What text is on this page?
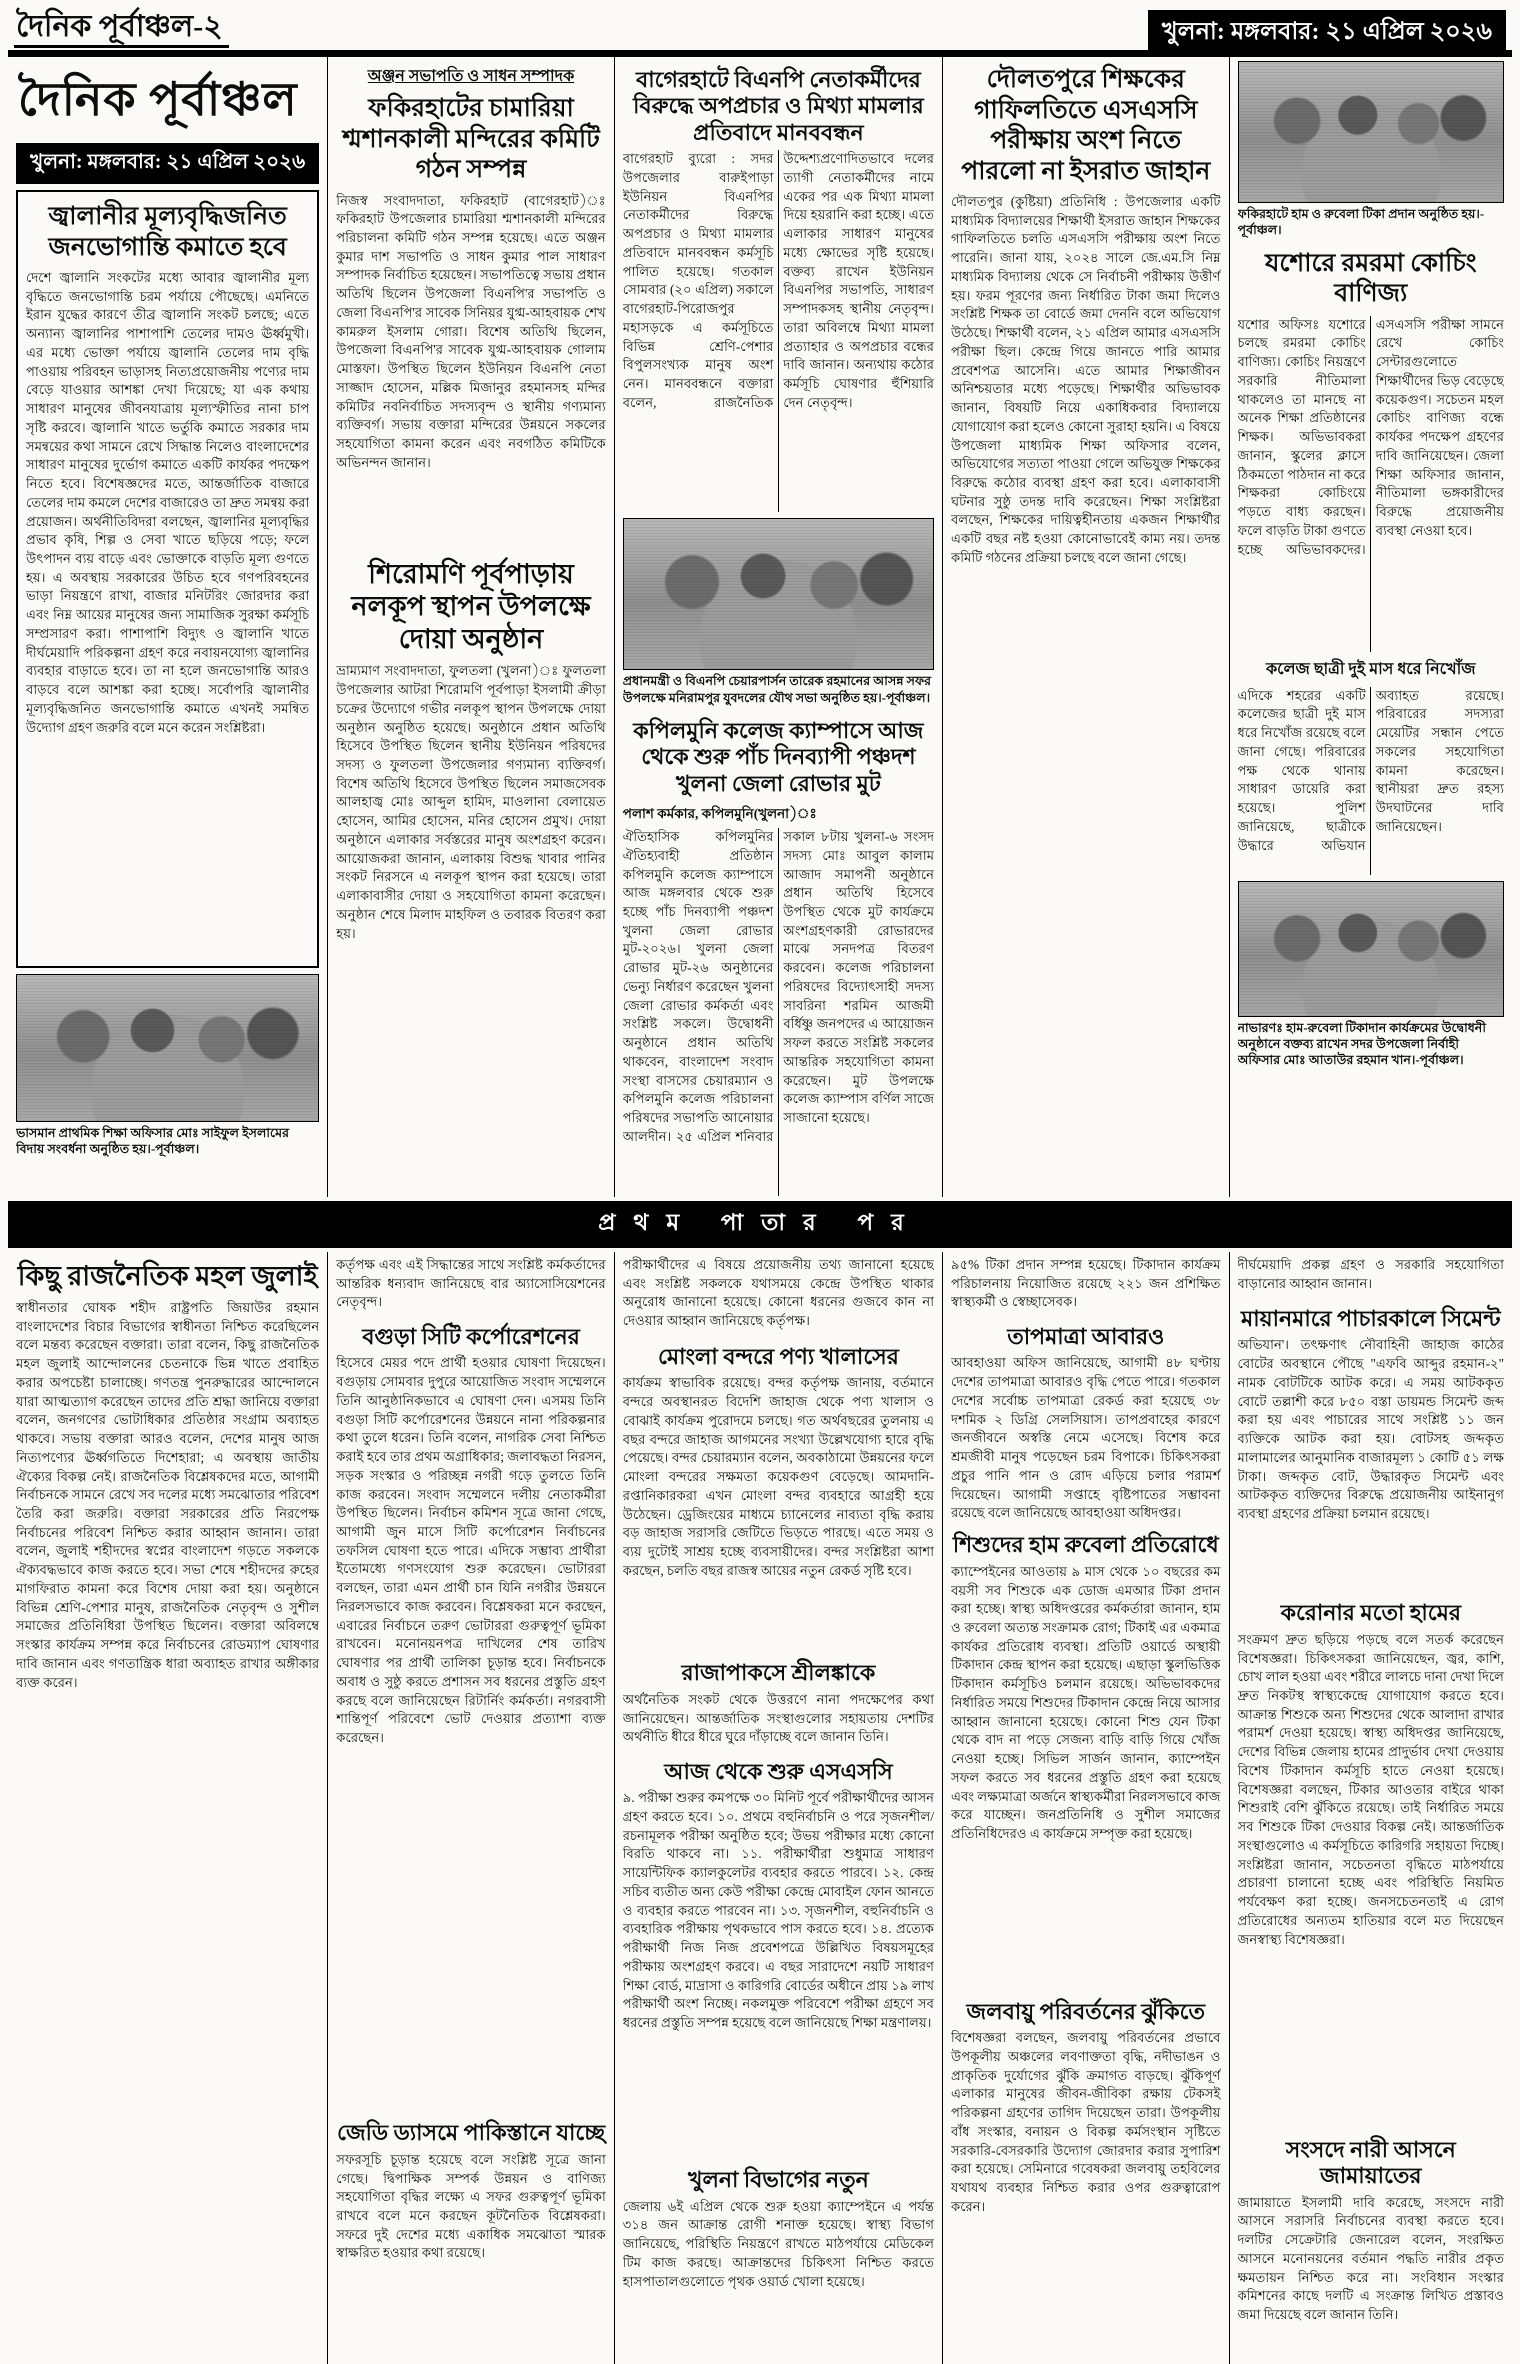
দৈনিক পূর্বাঞ্চল-২	খুলনা: মঙ্গলবার: ২১ এপ্রিল ২০২৬
দৈনিক পূর্বাঞ্চল
খুলনা: মঙ্গলবার: ২১ এপ্রিল ২০২৬
জ্বালানীর মূল্যবৃদ্ধিজনিত জনভোগান্তি কমাতে হবে
দেশে জ্বালানি সংকটের মধ্যে আবার জ্বালানীর মূল্য বৃদ্ধিতে জনভোগান্তি চরম পর্যায়ে পৌছেছে। এমনিতে ইরান যুদ্ধের কারণে তীব্র জ্বালানি সংকট চলছে; এতে অন্যান্য জ্বালানির পাশাপাশি তেলের দামও ঊর্ধ্বমুখী। এর মধ্যে ভোক্তা পর্যায়ে জ্বালানি তেলের দাম বৃদ্ধি পাওয়ায় পরিবহন ভাড়াসহ নিত্যপ্রয়োজনীয় পণ্যের দাম বেড়ে যাওয়ার আশঙ্কা দেখা দিয়েছে; যা এক কথায় সাধারণ মানুষের জীবনযাত্রায় মূল্যস্ফীতির নানা চাপ সৃষ্টি করবে। জ্বালানি খাতে ভর্তুকি কমাতে সরকার দাম সমন্বয়ের কথা সামনে রেখে সিদ্ধান্ত নিলেও বাংলাদেশের সাধারণ মানুষের দুর্ভোগ কমাতে একটি কার্যকর পদক্ষেপ নিতে হবে। বিশেষজ্ঞদের মতে, আন্তর্জাতিক বাজারে তেলের দাম কমলে দেশের বাজারেও তা দ্রুত সমন্বয় করা প্রয়োজন। অর্থনীতিবিদরা বলছেন, জ্বালানির মূল্যবৃদ্ধির প্রভাব কৃষি, শিল্প ও সেবা খাতে ছড়িয়ে পড়ে; ফলে উৎপাদন ব্যয় বাড়ে এবং ভোক্তাকে বাড়তি মূল্য গুণতে হয়। এ অবস্থায় সরকারের উচিত হবে গণপরিবহনের ভাড়া নিয়ন্ত্রণে রাখা, বাজার মনিটরিং জোরদার করা এবং নিম্ন আয়ের মানুষের জন্য সামাজিক সুরক্ষা কর্মসূচি সম্প্রসারণ করা। পাশাপাশি বিদ্যুৎ ও জ্বালানি খাতে দীর্ঘমেয়াদি পরিকল্পনা গ্রহণ করে নবায়নযোগ্য জ্বালানির ব্যবহার বাড়াতে হবে। তা না হলে জনভোগান্তি আরও বাড়বে বলে আশঙ্কা করা হচ্ছে। সর্বোপরি জ্বালানীর মূল্যবৃদ্ধিজনিত জনভোগান্তি কমাতে এখনই সমন্বিত উদ্যোগ গ্রহণ জরুরি বলে মনে করেন সংশ্লিষ্টরা।
ভাসমান প্রাথমিক শিক্ষা অফিসার মোঃ সাইফুল ইসলামের বিদায় সংবর্ধনা অনুষ্ঠিত হয়।-পূর্বাঞ্চল।
অঞ্জন সভাপতি ও সাধন সম্পাদক
ফকিরহাটের চামারিয়া শ্মশানকালী মন্দিরের কমিটি গঠন সম্পন্ন
নিজস্ব সংবাদদাতা, ফকিরহাট (বাগেরহাট)ঃ ফকিরহাট উপজেলার চামারিয়া শ্মশানকালী মন্দিরের পরিচালনা কমিটি গঠন সম্পন্ন হয়েছে। এতে অঞ্জন কুমার দাশ সভাপতি ও সাধন কুমার পাল সাধারণ সম্পাদক নির্বাচিত হয়েছেন। সভাপতিত্বে সভায় প্রধান অতিথি ছিলেন উপজেলা বিএনপি'র সভাপতি ও জেলা বিএনপি'র সাবেক সিনিয়র যুগ্ম-আহবায়ক শেখ কামরুল ইসলাম গোরা। বিশেষ অতিথি ছিলেন, উপজেলা বিএনপি'র সাবেক যুগ্ম-আহবায়ক গোলাম মোস্তফা। উপস্থিত ছিলেন ইউনিয়ন বিএনপি নেতা সাজ্জাদ হোসেন, মল্লিক মিজানুর রহমানসহ মন্দির কমিটির নবনির্বাচিত সদস্যবৃন্দ ও স্থানীয় গণ্যমান্য ব্যক্তিবর্গ। সভায় বক্তারা মন্দিরের উন্নয়নে সকলের সহযোগিতা কামনা করেন এবং নবগঠিত কমিটিকে অভিনন্দন জানান।
শিরোমণি পূর্বপাড়ায় নলকূপ স্থাপন উপলক্ষে দোয়া অনুষ্ঠান
ভ্রাম্যমাণ সংবাদদাতা, ফুলতলা (খুলনা)ঃ ফুলতলা উপজেলার আটরা শিরোমণি পূর্বপাড়া ইসলামী ক্রীড়া চক্রের উদ্যোগে গভীর নলকূপ স্থাপন উপলক্ষে দোয়া অনুষ্ঠান অনুষ্ঠিত হয়েছে। অনুষ্ঠানে প্রধান অতিথি হিসেবে উপস্থিত ছিলেন স্থানীয় ইউনিয়ন পরিষদের সদস্য ও ফুলতলা উপজেলার গণ্যমান্য ব্যক্তিবর্গ। বিশেষ অতিথি হিসেবে উপস্থিত ছিলেন সমাজসেবক আলহাজ্ব মোঃ আব্দুল হামিদ, মাওলানা বেলায়েত হোসেন, আমির হোসেন, মনির হোসেন প্রমুখ। দোয়া অনুষ্ঠানে এলাকার সর্বস্তরের মানুষ অংশগ্রহণ করেন। আয়োজকরা জানান, এলাকায় বিশুদ্ধ খাবার পানির সংকট নিরসনে এ নলকূপ স্থাপন করা হয়েছে। তারা এলাকাবাসীর দোয়া ও সহযোগিতা কামনা করেছেন। অনুষ্ঠান শেষে মিলাদ মাহফিল ও তবারক বিতরণ করা হয়।
বাগেরহাটে বিএনপি নেতাকর্মীদের বিরুদ্ধে অপপ্রচার ও মিথ্যা মামলার প্রতিবাদে মানববন্ধন
বাগেরহাট ব্যুরো : সদর উপজেলার বারুইপাড়া ইউনিয়ন বিএনপির নেতাকর্মীদের বিরুদ্ধে অপপ্রচার ও মিথ্যা মামলার প্রতিবাদে মানববন্ধন কর্মসূচি পালিত হয়েছে। গতকাল সোমবার (২০ এপ্রিল) সকালে বাগেরহাট-পিরোজপুর মহাসড়কে এ কর্মসূচিতে বিভিন্ন শ্রেণি-পেশার বিপুলসংখ্যক মানুষ অংশ নেন। মানববন্ধনে বক্তারা বলেন, রাজনৈতিক উদ্দেশ্যপ্রণোদিতভাবে দলের ত্যাগী নেতাকর্মীদের নামে একের পর এক মিথ্যা মামলা দিয়ে হয়রানি করা হচ্ছে। এতে এলাকার সাধারণ মানুষের মধ্যে ক্ষোভের সৃষ্টি হয়েছে। বক্তব্য রাখেন ইউনিয়ন বিএনপির সভাপতি, সাধারণ সম্পাদকসহ স্থানীয় নেতৃবৃন্দ। তারা অবিলম্বে মিথ্যা মামলা প্রত্যাহার ও অপপ্রচার বন্ধের দাবি জানান। অন্যথায় কঠোর কর্মসূচি ঘোষণার হুঁশিয়ারি দেন নেতৃবৃন্দ।
প্রধানমন্ত্রী ও বিএনপি চেয়ারপার্সন তারেক রহমানের আসন্ন সফর উপলক্ষে মনিরামপুর যুবদলের যৌথ সভা অনুষ্ঠিত হয়।-পূর্বাঞ্চল।
কপিলমুনি কলেজ ক্যাম্পাসে আজ থেকে শুরু পাঁচ দিনব্যাপী পঞ্চদশ খুলনা জেলা রোভার মুট
পলাশ কর্মকার, কপিলমুনি(খুলনা)ঃ
ঐতিহাসিক কপিলমুনির ঐতিহ্যবাহী প্রতিষ্ঠান কপিলমুনি কলেজ ক্যাম্পাসে আজ মঙ্গলবার থেকে শুরু হচ্ছে পাঁচ দিনব্যাপী পঞ্চদশ খুলনা জেলা রোভার মুট-২০২৬। খুলনা জেলা রোভার মুট-২৬ অনুষ্ঠানের ভেন্যু নির্ধারণ করেছেন খুলনা জেলা রোভার কর্মকর্তা এবং সংশ্লিষ্ট সকলে। উদ্বোধনী অনুষ্ঠানে প্রধান অতিথি থাকবেন, বাংলাদেশ সংবাদ সংস্থা বাসসের চেয়ারম্যান ও কপিলমুনি কলেজ পরিচালনা পরিষদের সভাপতি আনোয়ার আলদীন। ২৫ এপ্রিল শনিবার সকাল ৮টায় খুলনা-৬ সংসদ সদস্য মোঃ আবুল কালাম আজাদ সমাপনী অনুষ্ঠানে প্রধান অতিথি হিসেবে উপস্থিত থেকে মুট কার্যক্রমে অংশগ্রহণকারী রোভারদের মাঝে সনদপত্র বিতরণ করবেন। কলেজ পরিচালনা পরিষদের বিদ্যোৎসাহী সদস্য সাবরিনা শরমিন আজমী বর্ধিষ্ণু জনপদের এ আয়োজন সফল করতে সংশ্লিষ্ট সকলের আন্তরিক সহযোগিতা কামনা করেছেন। মুট উপলক্ষে কলেজ ক্যাম্পাস বর্ণিল সাজে সাজানো হয়েছে।
দৌলতপুরে শিক্ষকের গাফিলতিতে এসএসসি পরীক্ষায় অংশ নিতে পারলো না ইসরাত জাহান
দৌলতপুর (কুষ্টিয়া) প্রতিনিধি : উপজেলার একটি মাধ্যমিক বিদ্যালয়ের শিক্ষার্থী ইসরাত জাহান শিক্ষকের গাফিলতিতে চলতি এসএসসি পরীক্ষায় অংশ নিতে পারেনি। জানা যায়, ২০২৪ সালে জে.এম.সি নিম্ন মাধ্যমিক বিদ্যালয় থেকে সে নির্বাচনী পরীক্ষায় উত্তীর্ণ হয়। ফরম পূরণের জন্য নির্ধারিত টাকা জমা দিলেও সংশ্লিষ্ট শিক্ষক তা বোর্ডে জমা দেননি বলে অভিযোগ উঠেছে। শিক্ষার্থী বলেন, ২১ এপ্রিল আমার এসএসসি পরীক্ষা ছিল। কেন্দ্রে গিয়ে জানতে পারি আমার প্রবেশপত্র আসেনি। এতে আমার শিক্ষাজীবন অনিশ্চয়তার মধ্যে পড়েছে। শিক্ষার্থীর অভিভাবক জানান, বিষয়টি নিয়ে একাধিকবার বিদ্যালয়ে যোগাযোগ করা হলেও কোনো সুরাহা হয়নি। এ বিষয়ে উপজেলা মাধ্যমিক শিক্ষা অফিসার বলেন, অভিযোগের সত্যতা পাওয়া গেলে অভিযুক্ত শিক্ষকের বিরুদ্ধে কঠোর ব্যবস্থা গ্রহণ করা হবে। এলাকাবাসী ঘটনার সুষ্ঠু তদন্ত দাবি করেছেন। শিক্ষা সংশ্লিষ্টরা বলছেন, শিক্ষকের দায়িত্বহীনতায় একজন শিক্ষার্থীর একটি বছর নষ্ট হওয়া কোনোভাবেই কাম্য নয়। তদন্ত কমিটি গঠনের প্রক্রিয়া চলছে বলে জানা গেছে।
ফকিরহাটে হাম ও রুবেলা টিকা প্রদান অনুষ্ঠিত হয়।-পূর্বাঞ্চল।
যশোরে রমরমা কোচিং বাণিজ্য
যশোর অফিসঃ যশোরে চলছে রমরমা কোচিং বাণিজ্য। কোচিং নিয়ন্ত্রণে সরকারি নীতিমালা থাকলেও তা মানছে না অনেক শিক্ষা প্রতিষ্ঠানের শিক্ষক। অভিভাবকরা জানান, স্কুলের ক্লাসে ঠিকমতো পাঠদান না করে শিক্ষকরা কোচিংয়ে পড়তে বাধ্য করছেন। ফলে বাড়তি টাকা গুণতে হচ্ছে অভিভাবকদের। এসএসসি পরীক্ষা সামনে রেখে কোচিং সেন্টারগুলোতে শিক্ষার্থীদের ভিড় বেড়েছে কয়েকগুণ। সচেতন মহল কোচিং বাণিজ্য বন্ধে কার্যকর পদক্ষেপ গ্রহণের দাবি জানিয়েছেন। জেলা শিক্ষা অফিসার জানান, নীতিমালা ভঙ্গকারীদের বিরুদ্ধে প্রয়োজনীয় ব্যবস্থা নেওয়া হবে।
কলেজ ছাত্রী দুই মাস ধরে নিখোঁজ
এদিকে শহরের একটি কলেজের ছাত্রী দুই মাস ধরে নিখোঁজ রয়েছে বলে জানা গেছে। পরিবারের পক্ষ থেকে থানায় সাধারণ ডায়েরি করা হয়েছে। পুলিশ জানিয়েছে, ছাত্রীকে উদ্ধারে অভিযান অব্যাহত রয়েছে। পরিবারের সদস্যরা মেয়েটির সন্ধান পেতে সকলের সহযোগিতা কামনা করেছেন। স্থানীয়রা দ্রুত রহস্য উদঘাটনের দাবি জানিয়েছেন।
নাভারণঃ হাম-রুবেলা টিকাদান কার্যক্রমের উদ্বোধনী অনুষ্ঠানে বক্তব্য রাখেন সদর উপজেলা নির্বাহী অফিসার মোঃ আতাউর রহমান খান।-পূর্বাঞ্চল।
প্রথম পাতার পর
কিছু রাজনৈতিক মহল জুলাই
স্বাধীনতার ঘোষক শহীদ রাষ্ট্রপতি জিয়াউর রহমান বাংলাদেশের বিচার বিভাগের স্বাধীনতা নিশ্চিত করেছিলেন বলে মন্তব্য করেছেন বক্তারা। তারা বলেন, কিছু রাজনৈতিক মহল জুলাই আন্দোলনের চেতনাকে ভিন্ন খাতে প্রবাহিত করার অপচেষ্টা চালাচ্ছে। গণতন্ত্র পুনরুদ্ধারের আন্দোলনে যারা আত্মত্যাগ করেছেন তাদের প্রতি শ্রদ্ধা জানিয়ে বক্তারা বলেন, জনগণের ভোটাধিকার প্রতিষ্ঠার সংগ্রাম অব্যাহত থাকবে। সভায় বক্তারা আরও বলেন, দেশের মানুষ আজ নিত্যপণ্যের ঊর্ধ্বগতিতে দিশেহারা; এ অবস্থায় জাতীয় ঐক্যের বিকল্প নেই। রাজনৈতিক বিশ্লেষকদের মতে, আগামী নির্বাচনকে সামনে রেখে সব দলের মধ্যে সমঝোতার পরিবেশ তৈরি করা জরুরি। বক্তারা সরকারের প্রতি নিরপেক্ষ নির্বাচনের পরিবেশ নিশ্চিত করার আহ্বান জানান। তারা বলেন, জুলাই শহীদদের স্বপ্নের বাংলাদেশ গড়তে সকলকে ঐক্যবদ্ধভাবে কাজ করতে হবে। সভা শেষে শহীদদের রুহের মাগফিরাত কামনা করে বিশেষ দোয়া করা হয়। অনুষ্ঠানে বিভিন্ন শ্রেণি-পেশার মানুষ, রাজনৈতিক নেতৃবৃন্দ ও সুশীল সমাজের প্রতিনিধিরা উপস্থিত ছিলেন। বক্তারা অবিলম্বে সংস্কার কার্যক্রম সম্পন্ন করে নির্বাচনের রোডম্যাপ ঘোষণার দাবি জানান এবং গণতান্ত্রিক ধারা অব্যাহত রাখার অঙ্গীকার ব্যক্ত করেন।
কর্তৃপক্ষ এবং এই সিদ্ধান্তের সাথে সংশ্লিষ্ট কর্মকর্তাদের আন্তরিক ধন্যবাদ জানিয়েছে বার অ্যাসোসিয়েশনের নেতৃবৃন্দ।
বগুড়া সিটি কর্পোরেশনের
হিসেবে মেয়র পদে প্রার্থী হওয়ার ঘোষণা দিয়েছেন। বগুড়ায় সোমবার দুপুরে আয়োজিত সংবাদ সম্মেলনে তিনি আনুষ্ঠানিকভাবে এ ঘোষণা দেন। এসময় তিনি বগুড়া সিটি কর্পোরেশনের উন্নয়নে নানা পরিকল্পনার কথা তুলে ধরেন। তিনি বলেন, নাগরিক সেবা নিশ্চিত করাই হবে তার প্রথম অগ্রাধিকার; জলাবদ্ধতা নিরসন, সড়ক সংস্কার ও পরিচ্ছন্ন নগরী গড়ে তুলতে তিনি কাজ করবেন। সংবাদ সম্মেলনে দলীয় নেতাকর্মীরা উপস্থিত ছিলেন। নির্বাচন কমিশন সূত্রে জানা গেছে, আগামী জুন মাসে সিটি কর্পোরেশন নির্বাচনের তফসিল ঘোষণা হতে পারে। এদিকে সম্ভাব্য প্রার্থীরা ইতোমধ্যে গণসংযোগ শুরু করেছেন। ভোটাররা বলছেন, তারা এমন প্রার্থী চান যিনি নগরীর উন্নয়নে নিরলসভাবে কাজ করবেন। বিশ্লেষকরা মনে করছেন, এবারের নির্বাচনে তরুণ ভোটাররা গুরুত্বপূর্ণ ভূমিকা রাখবেন। মনোনয়নপত্র দাখিলের শেষ তারিখ ঘোষণার পর প্রার্থী তালিকা চূড়ান্ত হবে। নির্বাচনকে অবাধ ও সুষ্ঠু করতে প্রশাসন সব ধরনের প্রস্তুতি গ্রহণ করছে বলে জানিয়েছেন রিটার্নিং কর্মকর্তা। নগরবাসী শান্তিপূর্ণ পরিবেশে ভোট দেওয়ার প্রত্যাশা ব্যক্ত করেছেন।
জেডি ড্যাসমে পাকিস্তানে যাচ্ছে
সফরসূচি চূড়ান্ত হয়েছে বলে সংশ্লিষ্ট সূত্রে জানা গেছে। দ্বিপাক্ষিক সম্পর্ক উন্নয়ন ও বাণিজ্য সহযোগিতা বৃদ্ধির লক্ষ্যে এ সফর গুরুত্বপূর্ণ ভূমিকা রাখবে বলে মনে করছেন কূটনৈতিক বিশ্লেষকরা। সফরে দুই দেশের মধ্যে একাধিক সমঝোতা স্মারক স্বাক্ষরিত হওয়ার কথা রয়েছে।
পরীক্ষার্থীদের এ বিষয়ে প্রয়োজনীয় তথ্য জানানো হয়েছে এবং সংশ্লিষ্ট সকলকে যথাসময়ে কেন্দ্রে উপস্থিত থাকার অনুরোধ জানানো হয়েছে। কোনো ধরনের গুজবে কান না দেওয়ার আহ্বান জানিয়েছে কর্তৃপক্ষ।
মোংলা বন্দরে পণ্য খালাসের
কার্যক্রম স্বাভাবিক রয়েছে। বন্দর কর্তৃপক্ষ জানায়, বর্তমানে বন্দরে অবস্থানরত বিদেশি জাহাজ থেকে পণ্য খালাস ও বোঝাই কার্যক্রম পুরোদমে চলছে। গত অর্থবছরের তুলনায় এ বছর বন্দরে জাহাজ আগমনের সংখ্যা উল্লেখযোগ্য হারে বৃদ্ধি পেয়েছে। বন্দর চেয়ারম্যান বলেন, অবকাঠামো উন্নয়নের ফলে মোংলা বন্দরের সক্ষমতা কয়েকগুণ বেড়েছে। আমদানি-রপ্তানিকারকরা এখন মোংলা বন্দর ব্যবহারে আগ্রহী হয়ে উঠেছেন। ড্রেজিংয়ের মাধ্যমে চ্যানেলের নাব্যতা বৃদ্ধি করায় বড় জাহাজ সরাসরি জেটিতে ভিড়তে পারছে। এতে সময় ও ব্যয় দুটোই সাশ্রয় হচ্ছে ব্যবসায়ীদের। বন্দর সংশ্লিষ্টরা আশা করছেন, চলতি বছর রাজস্ব আয়ের নতুন রেকর্ড সৃষ্টি হবে।
রাজাপাকসে শ্রীলঙ্কাকে
অর্থনৈতিক সংকট থেকে উত্তরণে নানা পদক্ষেপের কথা জানিয়েছেন। আন্তর্জাতিক সংস্থাগুলোর সহায়তায় দেশটির অর্থনীতি ধীরে ধীরে ঘুরে দাঁড়াচ্ছে বলে জানান তিনি।
আজ থেকে শুরু এসএসসি
৯. পরীক্ষা শুরুর কমপক্ষে ৩০ মিনিট পূর্বে পরীক্ষার্থীদের আসন গ্রহণ করতে হবে। ১০. প্রথমে বহুনির্বাচনি ও পরে সৃজনশীল/রচনামূলক পরীক্ষা অনুষ্ঠিত হবে; উভয় পরীক্ষার মধ্যে কোনো বিরতি থাকবে না। ১১. পরীক্ষার্থীরা শুধুমাত্র সাধারণ সায়েন্টিফিক ক্যালকুলেটর ব্যবহার করতে পারবে। ১২. কেন্দ্র সচিব ব্যতীত অন্য কেউ পরীক্ষা কেন্দ্রে মোবাইল ফোন আনতে ও ব্যবহার করতে পারবেন না। ১৩. সৃজনশীল, বহুনির্বাচনি ও ব্যবহারিক পরীক্ষায় পৃথকভাবে পাস করতে হবে। ১৪. প্রত্যেক পরীক্ষার্থী নিজ নিজ প্রবেশপত্রে উল্লিখিত বিষয়সমূহের পরীক্ষায় অংশগ্রহণ করবে। এ বছর সারাদেশে নয়টি সাধারণ শিক্ষা বোর্ড, মাদ্রাসা ও কারিগরি বোর্ডের অধীনে প্রায় ১৯ লাখ পরীক্ষার্থী অংশ নিচ্ছে। নকলমুক্ত পরিবেশে পরীক্ষা গ্রহণে সব ধরনের প্রস্তুতি সম্পন্ন হয়েছে বলে জানিয়েছে শিক্ষা মন্ত্রণালয়।
খুলনা বিভাগের নতুন
জেলায় ৬ই এপ্রিল থেকে শুরু হওয়া ক্যাম্পেইনে এ পর্যন্ত ৩১৪ জন আক্রান্ত রোগী শনাক্ত হয়েছে। স্বাস্থ্য বিভাগ জানিয়েছে, পরিস্থিতি নিয়ন্ত্রণে রাখতে মাঠপর্যায়ে মেডিকেল টিম কাজ করছে। আক্রান্তদের চিকিৎসা নিশ্চিত করতে হাসপাতালগুলোতে পৃথক ওয়ার্ড খোলা হয়েছে।
৯৫% টিকা প্রদান সম্পন্ন হয়েছে। টিকাদান কার্যক্রম পরিচালনায় নিয়োজিত রয়েছে ২২১ জন প্রশিক্ষিত স্বাস্থ্যকর্মী ও স্বেচ্ছাসেবক।
তাপমাত্রা আবারও
আবহাওয়া অফিস জানিয়েছে, আগামী ৪৮ ঘণ্টায় দেশের তাপমাত্রা আবারও বৃদ্ধি পেতে পারে। গতকাল দেশের সর্বোচ্চ তাপমাত্রা রেকর্ড করা হয়েছে ৩৮ দশমিক ২ ডিগ্রি সেলসিয়াস। তাপপ্রবাহের কারণে জনজীবনে অস্বস্তি নেমে এসেছে। বিশেষ করে শ্রমজীবী মানুষ পড়েছেন চরম বিপাকে। চিকিৎসকরা প্রচুর পানি পান ও রোদ এড়িয়ে চলার পরামর্শ দিয়েছেন। আগামী সপ্তাহে বৃষ্টিপাতের সম্ভাবনা রয়েছে বলে জানিয়েছে আবহাওয়া অধিদপ্তর।
শিশুদের হাম রুবেলা প্রতিরোধে
ক্যাম্পেইনের আওতায় ৯ মাস থেকে ১০ বছরের কম বয়সী সব শিশুকে এক ডোজ এমআর টিকা প্রদান করা হচ্ছে। স্বাস্থ্য অধিদপ্তরের কর্মকর্তারা জানান, হাম ও রুবেলা অত্যন্ত সংক্রামক রোগ; টিকাই এর একমাত্র কার্যকর প্রতিরোধ ব্যবস্থা। প্রতিটি ওয়ার্ডে অস্থায়ী টিকাদান কেন্দ্র স্থাপন করা হয়েছে। এছাড়া স্কুলভিত্তিক টিকাদান কর্মসূচিও চলমান রয়েছে। অভিভাবকদের নির্ধারিত সময়ে শিশুদের টিকাদান কেন্দ্রে নিয়ে আসার আহ্বান জানানো হয়েছে। কোনো শিশু যেন টিকা থেকে বাদ না পড়ে সেজন্য বাড়ি বাড়ি গিয়ে খোঁজ নেওয়া হচ্ছে। সিভিল সার্জন জানান, ক্যাম্পেইন সফল করতে সব ধরনের প্রস্তুতি গ্রহণ করা হয়েছে এবং লক্ষ্যমাত্রা অর্জনে স্বাস্থ্যকর্মীরা নিরলসভাবে কাজ করে যাচ্ছেন। জনপ্রতিনিধি ও সুশীল সমাজের প্রতিনিধিদেরও এ কার্যক্রমে সম্পৃক্ত করা হয়েছে।
জলবায়ু পরিবর্তনের ঝুঁকিতে
বিশেষজ্ঞরা বলছেন, জলবায়ু পরিবর্তনের প্রভাবে উপকূলীয় অঞ্চলের লবণাক্ততা বৃদ্ধি, নদীভাঙন ও প্রাকৃতিক দুর্যোগের ঝুঁকি ক্রমাগত বাড়ছে। ঝুঁকিপূর্ণ এলাকার মানুষের জীবন-জীবিকা রক্ষায় টেকসই পরিকল্পনা গ্রহণের তাগিদ দিয়েছেন তারা। উপকূলীয় বাঁধ সংস্কার, বনায়ন ও বিকল্প কর্মসংস্থান সৃষ্টিতে সরকারি-বেসরকারি উদ্যোগ জোরদার করার সুপারিশ করা হয়েছে। সেমিনারে গবেষকরা জলবায়ু তহবিলের যথাযথ ব্যবহার নিশ্চিত করার ওপর গুরুত্বারোপ করেন।
দীর্ঘমেয়াদি প্রকল্প গ্রহণ ও সরকারি সহযোগিতা বাড়ানোর আহ্বান জানান।
মায়ানমারে পাচারকালে সিমেন্ট
অভিযান'। তৎক্ষণাৎ নৌবাহিনী জাহাজ কাঠের বোটের অবস্থানে পৌছে "এফবি আব্দুর রহমান-২" নামক বোটটিকে আটক করে। এ সময় আটককৃত বোটে তল্লাশী করে ৮৫০ বস্তা ডায়মন্ড সিমেন্ট জব্দ করা হয় এবং পাচারের সাথে সংশ্লিষ্ট ১১ জন ব্যক্তিকে আটক করা হয়। বোটসহ জব্দকৃত মালামালের আনুমানিক বাজারমূল্য ১ কোটি ৫১ লক্ষ টাকা। জব্দকৃত বোট, উদ্ধারকৃত সিমেন্ট এবং আটককৃত ব্যক্তিদের বিরুদ্ধে প্রয়োজনীয় আইনানুগ ব্যবস্থা গ্রহণের প্রক্রিয়া চলমান রয়েছে।
করোনার মতো হামের
সংক্রমণ দ্রুত ছড়িয়ে পড়ছে বলে সতর্ক করেছেন বিশেষজ্ঞরা। চিকিৎসকরা জানিয়েছেন, জ্বর, কাশি, চোখ লাল হওয়া এবং শরীরে লালচে দানা দেখা দিলে দ্রুত নিকটস্থ স্বাস্থ্যকেন্দ্রে যোগাযোগ করতে হবে। আক্রান্ত শিশুকে অন্য শিশুদের থেকে আলাদা রাখার পরামর্শ দেওয়া হয়েছে। স্বাস্থ্য অধিদপ্তর জানিয়েছে, দেশের বিভিন্ন জেলায় হামের প্রাদুর্ভাব দেখা দেওয়ায় বিশেষ টিকাদান কর্মসূচি হাতে নেওয়া হয়েছে। বিশেষজ্ঞরা বলছেন, টিকার আওতার বাইরে থাকা শিশুরাই বেশি ঝুঁকিতে রয়েছে। তাই নির্ধারিত সময়ে সব শিশুকে টিকা দেওয়ার বিকল্প নেই। আন্তর্জাতিক সংস্থাগুলোও এ কর্মসূচিতে কারিগরি সহায়তা দিচ্ছে। সংশ্লিষ্টরা জানান, সচেতনতা বৃদ্ধিতে মাঠপর্যায়ে প্রচারণা চালানো হচ্ছে এবং পরিস্থিতি নিয়মিত পর্যবেক্ষণ করা হচ্ছে। জনসচেতনতাই এ রোগ প্রতিরোধের অন্যতম হাতিয়ার বলে মত দিয়েছেন জনস্বাস্থ্য বিশেষজ্ঞরা।
সংসদে নারী আসনে জামায়াতের
জামায়াতে ইসলামী দাবি করেছে, সংসদে নারী আসনে সরাসরি নির্বাচনের ব্যবস্থা করতে হবে। দলটির সেক্রেটারি জেনারেল বলেন, সংরক্ষিত আসনে মনোনয়নের বর্তমান পদ্ধতি নারীর প্রকৃত ক্ষমতায়ন নিশ্চিত করে না। সংবিধান সংস্কার কমিশনের কাছে দলটি এ সংক্রান্ত লিখিত প্রস্তাবও জমা দিয়েছে বলে জানান তিনি।
